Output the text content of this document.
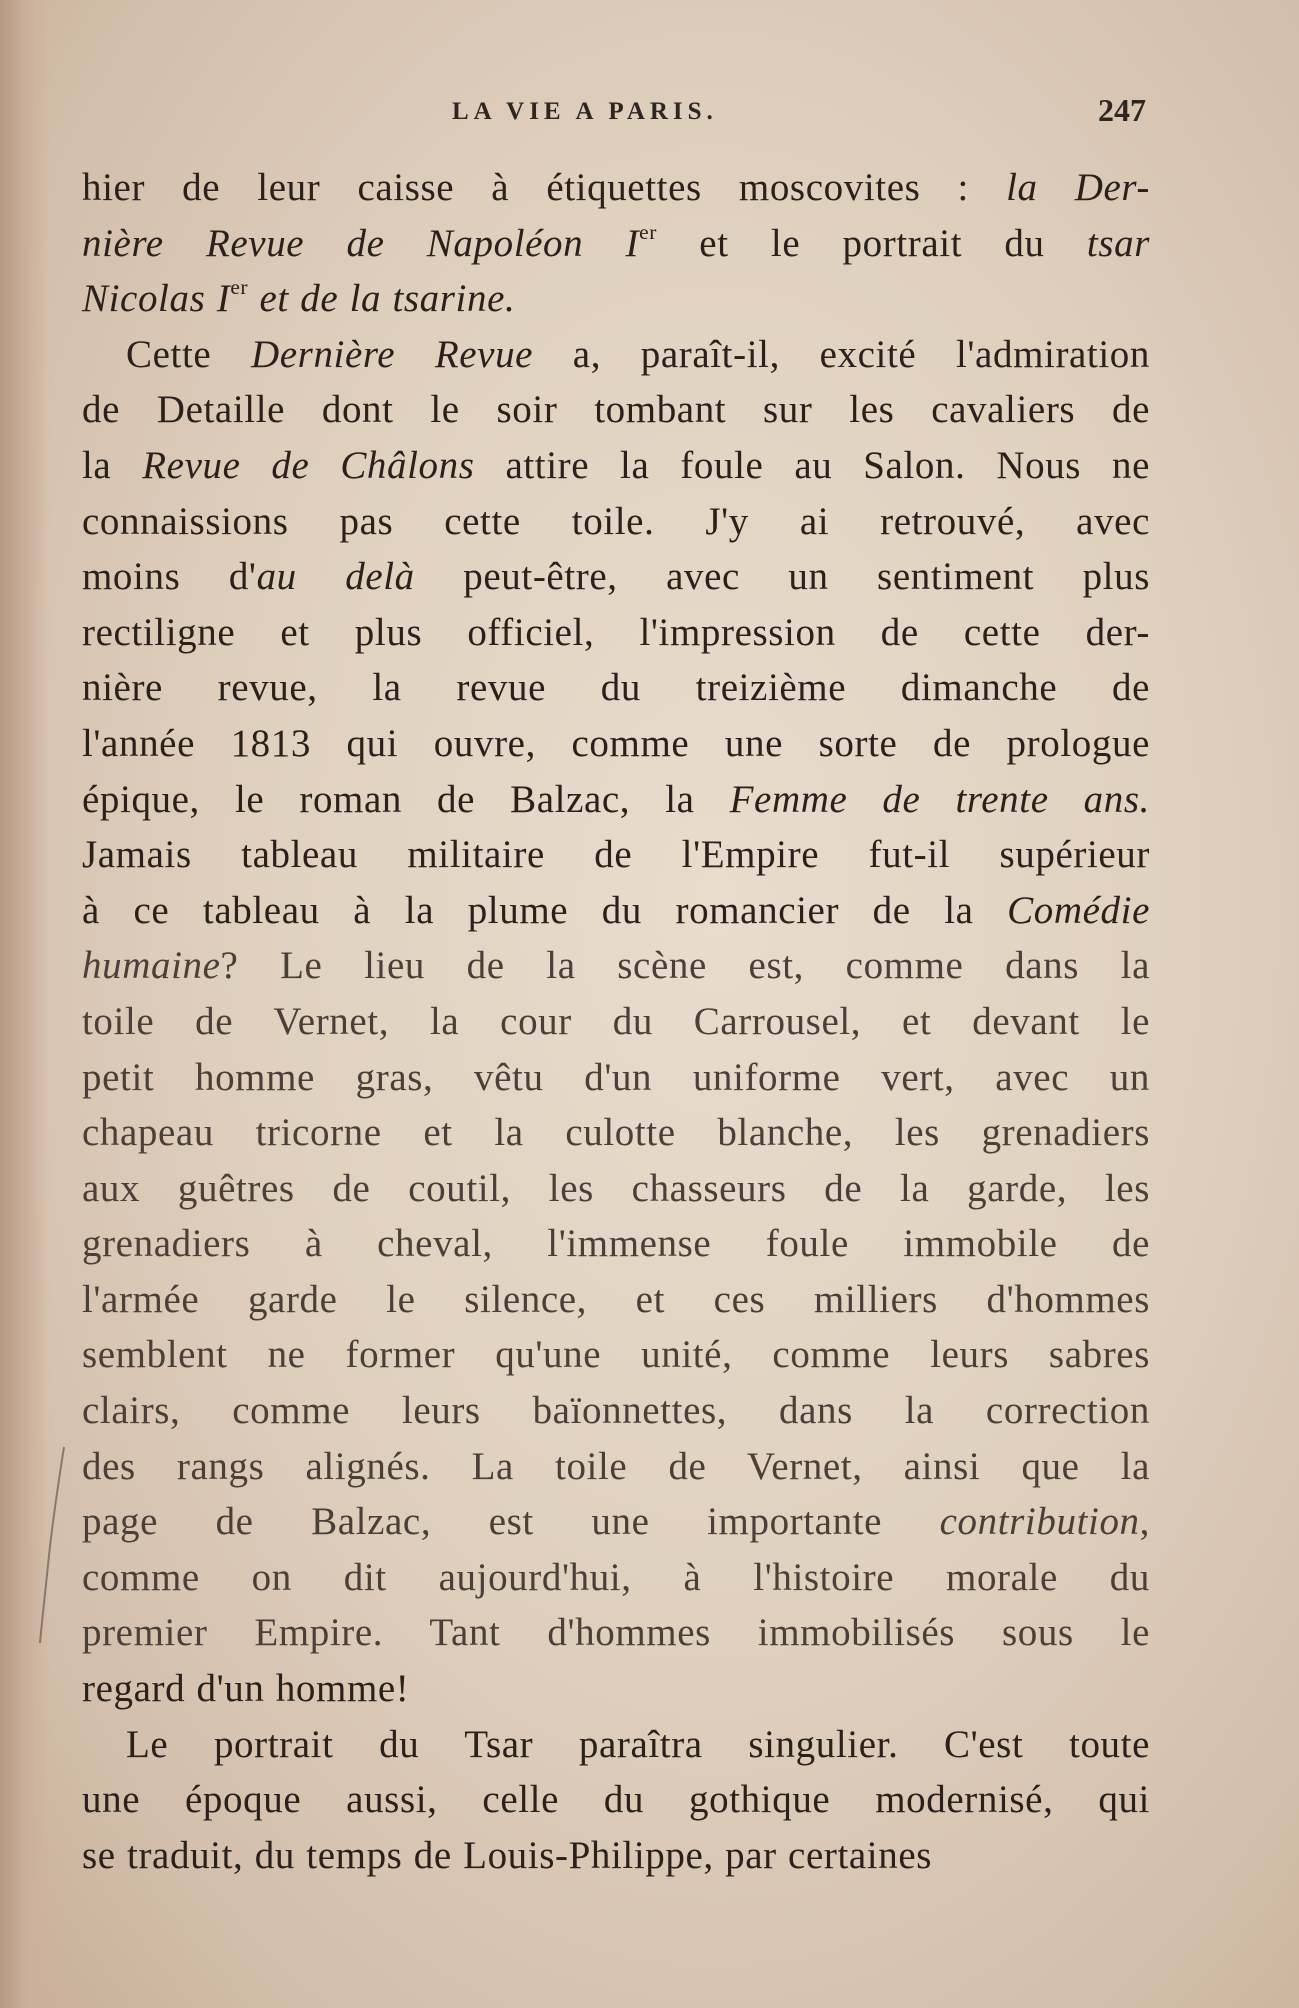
LA VIE A PARIS.	247
hier de leur caisse à étiquettes moscovites : la Der-
nière Revue de Napoléon Ier et le portrait du tsar
Nicolas Ier et de la tsarine.
Cette Dernière Revue a, paraît-il, excité l'admiration
de Detaille dont le soir tombant sur les cavaliers de
la Revue de Châlons attire la foule au Salon. Nous ne
connaissions pas cette toile. J'y ai retrouvé, avec
moins d'au delà peut-être, avec un sentiment plus
rectiligne et plus officiel, l'impression de cette der-
nière revue, la revue du treizième dimanche de
l'année 1813 qui ouvre, comme une sorte de prologue
épique, le roman de Balzac, la Femme de trente ans.
Jamais tableau militaire de l'Empire fut-il supérieur
à ce tableau à la plume du romancier de la Comédie
humaine? Le lieu de la scène est, comme dans la
toile de Vernet, la cour du Carrousel, et devant le
petit homme gras, vêtu d'un uniforme vert, avec un
chapeau tricorne et la culotte blanche, les grenadiers
aux guêtres de coutil, les chasseurs de la garde, les
grenadiers à cheval, l'immense foule immobile de
l'armée garde le silence, et ces milliers d'hommes
semblent ne former qu'une unité, comme leurs sabres
clairs, comme leurs baïonnettes, dans la correction
des rangs alignés. La toile de Vernet, ainsi que la
page de Balzac, est une importante contribution,
comme on dit aujourd'hui, à l'histoire morale du
premier Empire. Tant d'hommes immobilisés sous le
regard d'un homme!
Le portrait du Tsar paraîtra singulier. C'est toute
une époque aussi, celle du gothique modernisé, qui
se traduit, du temps de Louis-Philippe, par certaines
